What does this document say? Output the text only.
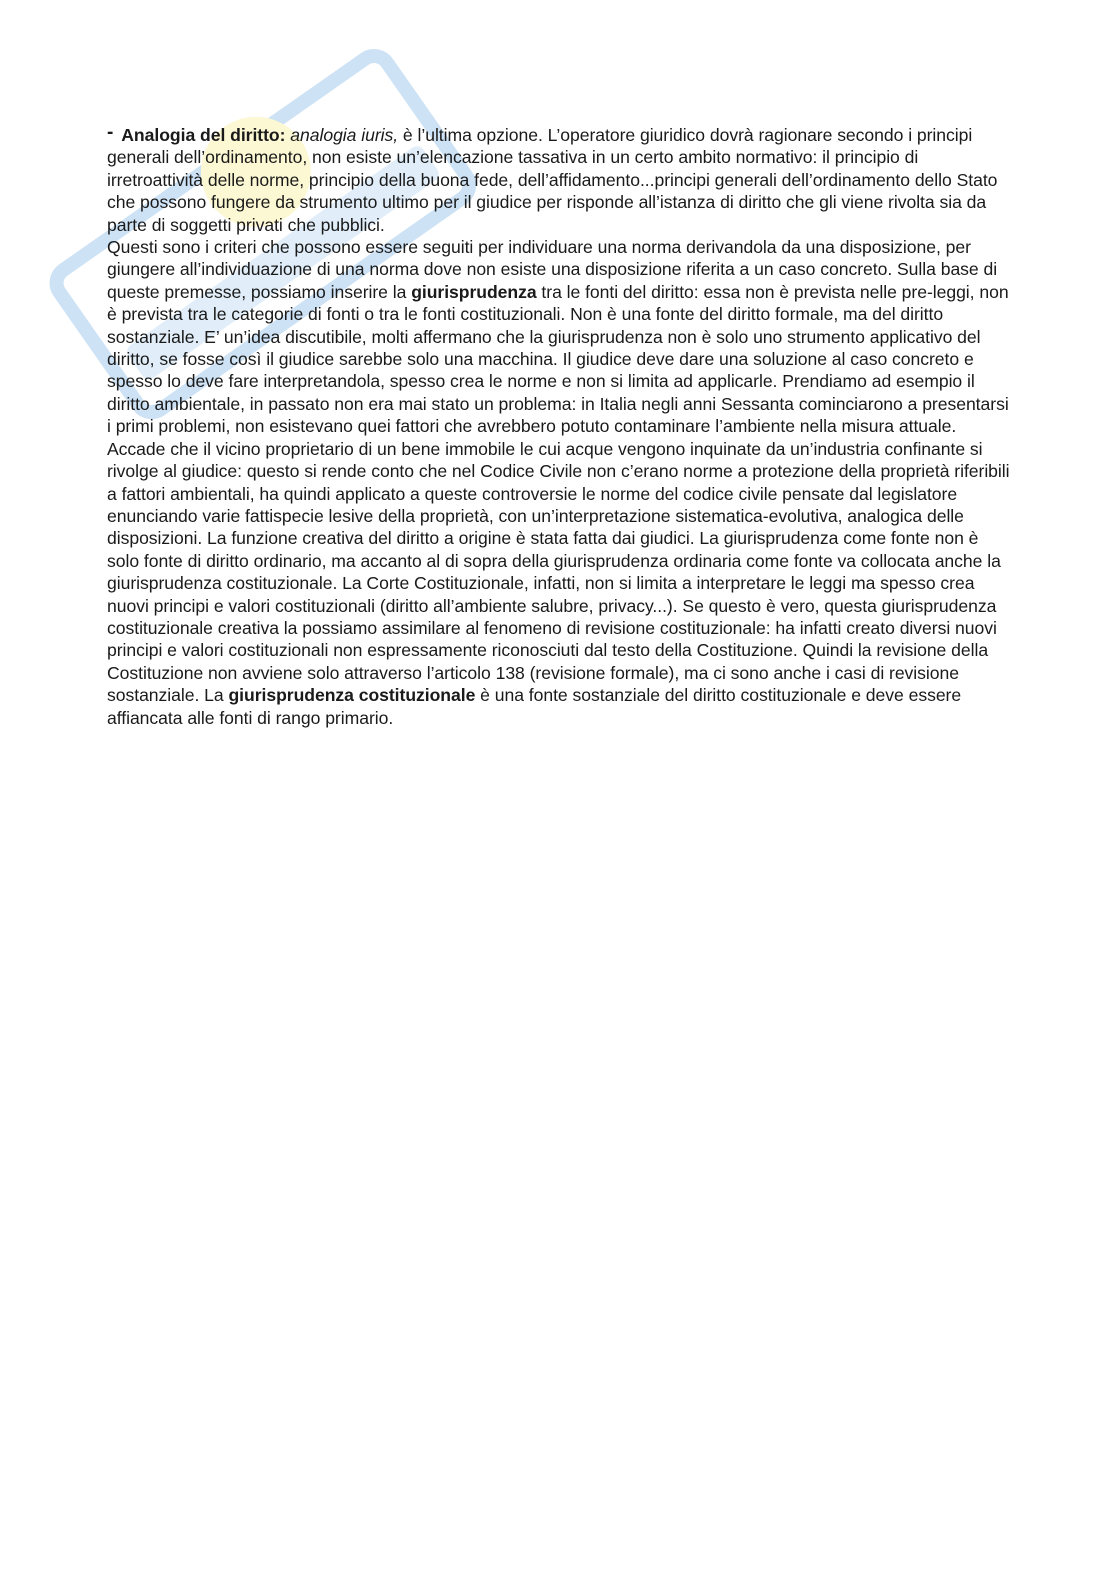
- Analogia del diritto: analogia iuris, è l’ultima opzione. L’operatore giuridico dovrà ragionare secondo i principi generali dell’ordinamento, non esiste un’elencazione tassativa in un certo ambito normativo: il principio di irretroattività delle norme, principio della buona fede, dell’affidamento...principi generali dell’ordinamento dello Stato che possono fungere da strumento ultimo per il giudice per risponde all’istanza di diritto che gli viene rivolta sia da parte di soggetti privati che pubblici.

Questi sono i criteri che possono essere seguiti per individuare una norma derivandola da una disposizione, per giungere all’individuazione di una norma dove non esiste una disposizione riferita a un caso concreto. Sulla base di queste premesse, possiamo inserire la giurisprudenza tra le fonti del diritto: essa non è prevista nelle pre-leggi, non è prevista tra le categorie di fonti o tra le fonti costituzionali. Non è una fonte del diritto formale, ma del diritto sostanziale. E’ un’idea discutibile, molti affermano che la giurisprudenza non è solo uno strumento applicativo del diritto, se fosse così il giudice sarebbe solo una macchina. Il giudice deve dare una soluzione al caso concreto e spesso lo deve fare interpretandola, spesso crea le norme e non si limita ad applicarle. Prendiamo ad esempio il diritto ambientale, in passato non era mai stato un problema: in Italia negli anni Sessanta cominciarono a presentarsi i primi problemi, non esistevano quei fattori che avrebbero potuto contaminare l’ambiente nella misura attuale. Accade che il vicino proprietario di un bene immobile le cui acque vengono inquinate da un’industria confinante si rivolge al giudice: questo si rende conto che nel Codice Civile non c’erano norme a protezione della proprietà riferibili a fattori ambientali, ha quindi applicato a queste controversie le norme del codice civile pensate dal legislatore enunciando varie fattispecie lesive della proprietà, con un’interpretazione sistematica-evolutiva, analogica delle disposizioni. La funzione creativa del diritto a origine è stata fatta dai giudici. La giurisprudenza come fonte non è solo fonte di diritto ordinario, ma accanto al di sopra della giurisprudenza ordinaria come fonte va collocata anche la giurisprudenza costituzionale. La Corte Costituzionale, infatti, non si limita a interpretare le leggi ma spesso crea nuovi principi e valori costituzionali (diritto all’ambiente salubre, privacy...). Se questo è vero, questa giurisprudenza costituzionale creativa la possiamo assimilare al fenomeno di revisione costituzionale: ha infatti creato diversi nuovi principi e valori costituzionali non espressamente riconosciuti dal testo della Costituzione. Quindi la revisione della Costituzione non avviene solo attraverso l’articolo 138 (revisione formale), ma ci sono anche i casi di revisione sostanziale. La giurisprudenza costituzionale è una fonte sostanziale del diritto costituzionale e deve essere affiancata alle fonti di rango primario.
